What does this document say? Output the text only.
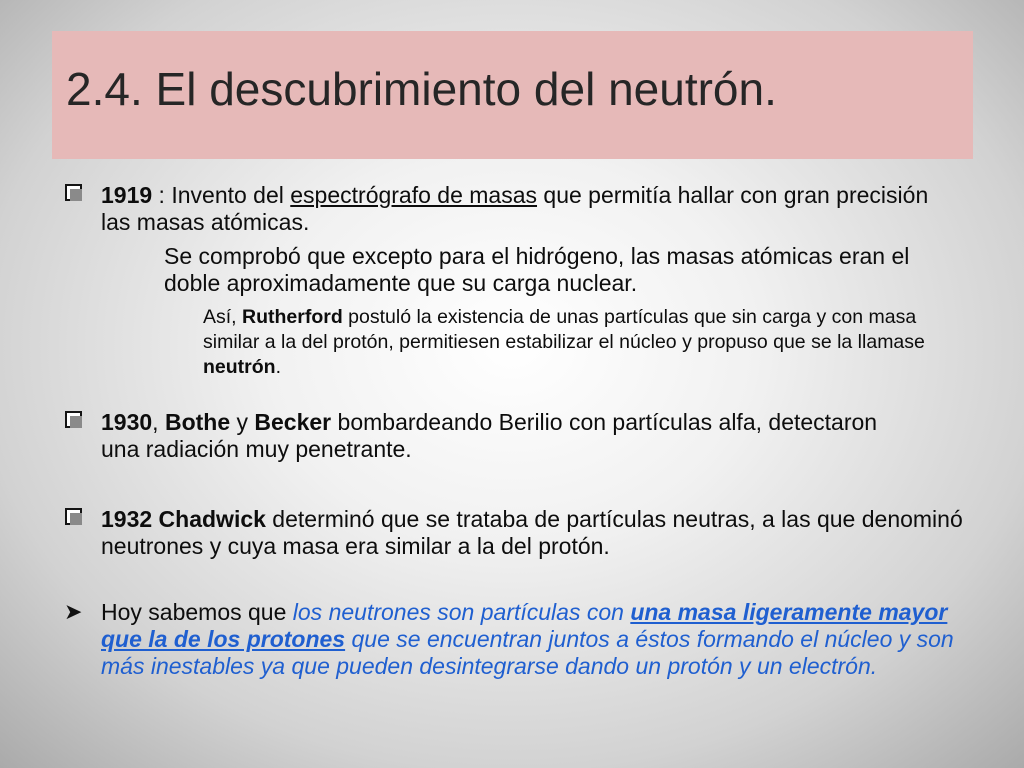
2.4. El descubrimiento del neutrón.

1919 : Invento del espectrógrafo de masas que permitía hallar con gran precisión las masas atómicas.

Se comprobó que excepto para el hidrógeno, las masas atómicas eran el doble aproximadamente que su carga nuclear.

Así, Rutherford postuló la existencia de unas partículas que sin carga y con masa similar a la del protón, permitiesen estabilizar el núcleo y propuso que se la llamase neutrón.

1930, Bothe y Becker bombardeando Berilio con partículas alfa, detectaron una radiación muy penetrante.

1932 Chadwick determinó que se trataba de partículas neutras, a las que denominó neutrones y cuya masa era similar a la del protón.

➤ Hoy sabemos que los neutrones son partículas con una masa ligeramente mayor que la de los protones que se encuentran juntos a éstos formando el núcleo y son más inestables ya que pueden desintegrarse dando un protón y un electrón.
